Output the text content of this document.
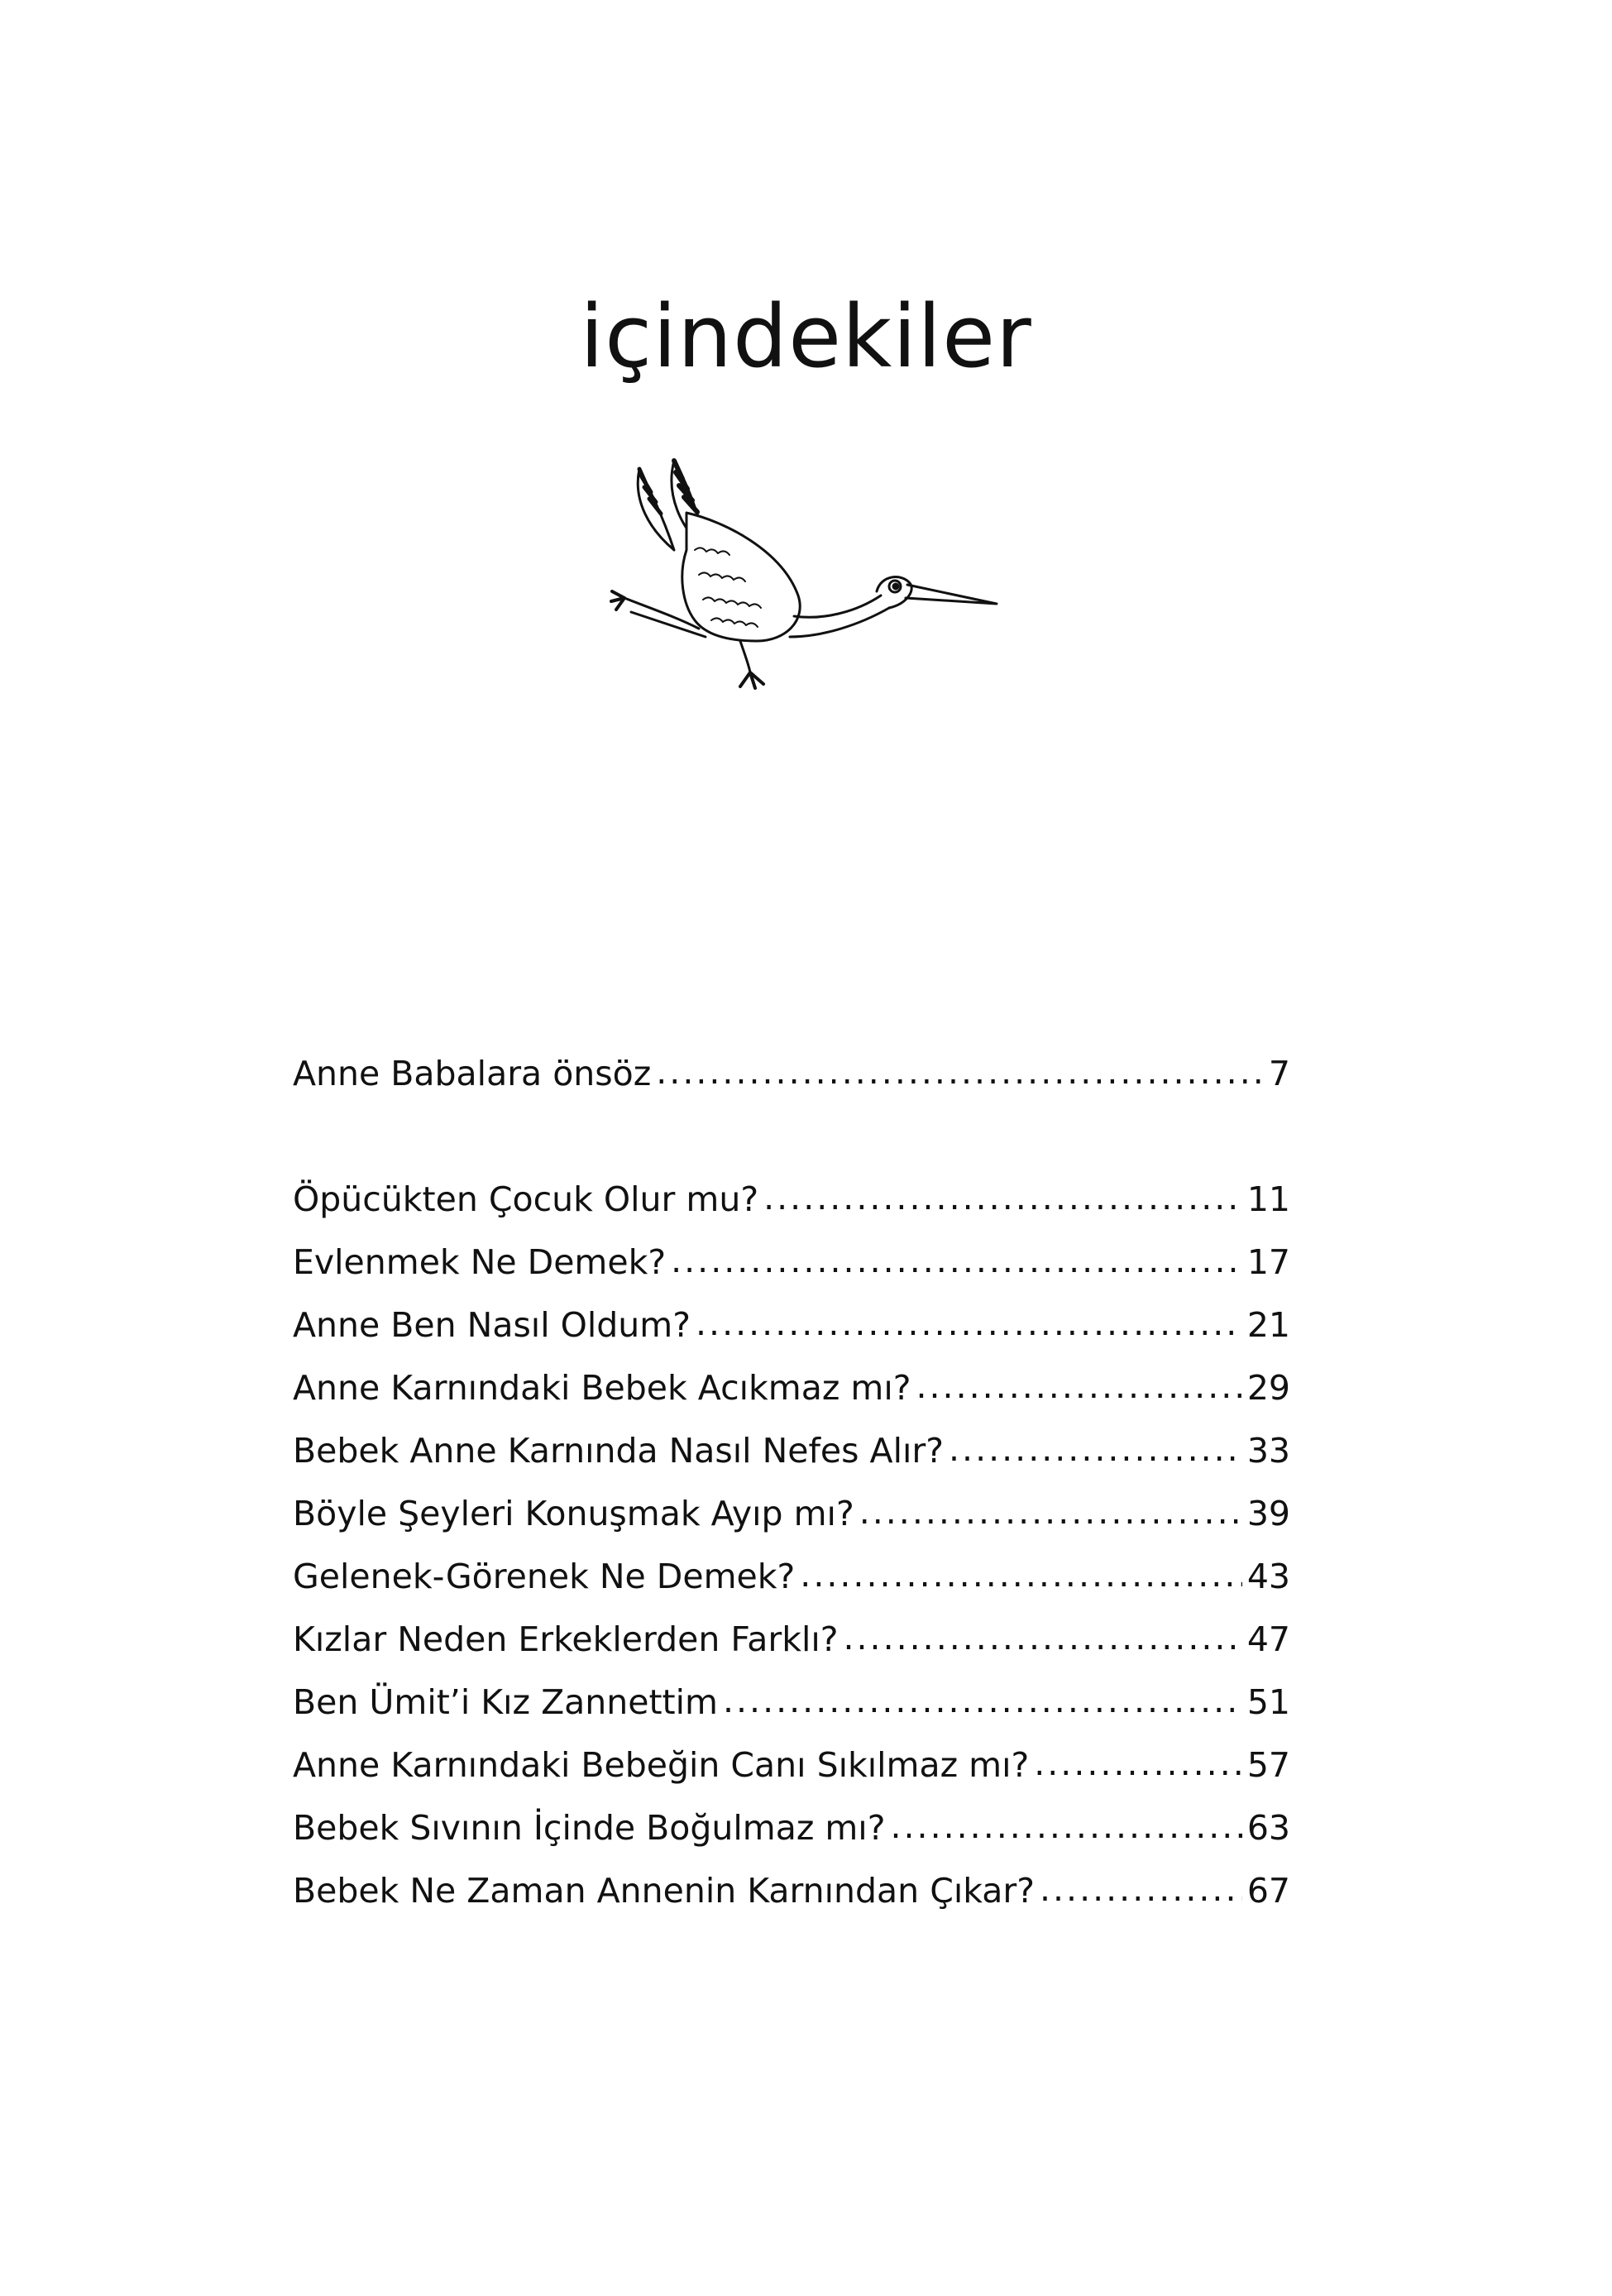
içindekiler
Anne Babalara önsöz .....	7
Öpücükten Çocuk Olur mu? .....	11
Evlenmek Ne Demek? .....	17
Anne Ben Nasıl Oldum? .....	21
Anne Karnındaki Bebek Acıkmaz mı? .....	29
Bebek Anne Karnında Nasıl Nefes Alır? .....	33
Böyle Şeyleri Konuşmak Ayıp mı? .....	39
Gelenek-Görenek Ne Demek? .....	43
Kızlar Neden Erkeklerden Farklı? .....	47
Ben Ümit’i Kız Zannettim .....	51
Anne Karnındaki Bebeğin Canı Sıkılmaz mı? .....	57
Bebek Sıvının İçinde Boğulmaz mı? .....	63
Bebek Ne Zaman Annenin Karnından Çıkar? .....	67
